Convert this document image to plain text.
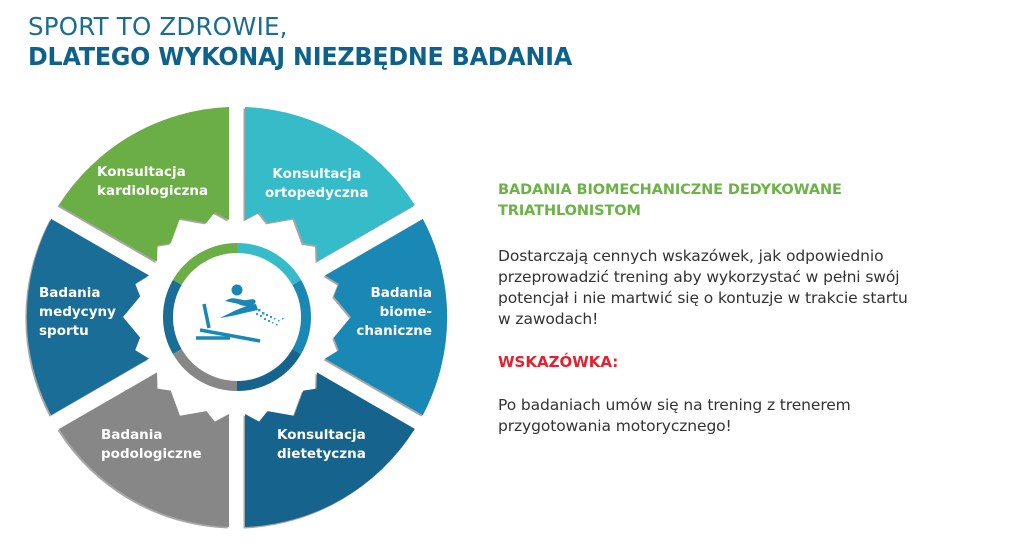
SPORT TO ZDROWIE,
DLATEGO WYKONAJ NIEZBĘDNE BADANIA
Konsultacja
kardiologiczna
Konsultacja
ortopedyczna
Badania
biome-
chaniczne
Konsultacja
dietetyczna
Badania
podologiczne
Badania
medycyny
sportu
BADANIA BIOMECHANICZNE DEDYKOWANE
TRIATHLONISTOM
Dostarczają cennych wskazówek, jak odpowiednio
przeprowadzić trening aby wykorzystać w pełni swój
potencjał i nie martwić się o kontuzje w trakcie startu
w zawodach!
WSKAZÓWKA:
Po badaniach umów się na trening z trenerem
przygotowania motorycznego!
